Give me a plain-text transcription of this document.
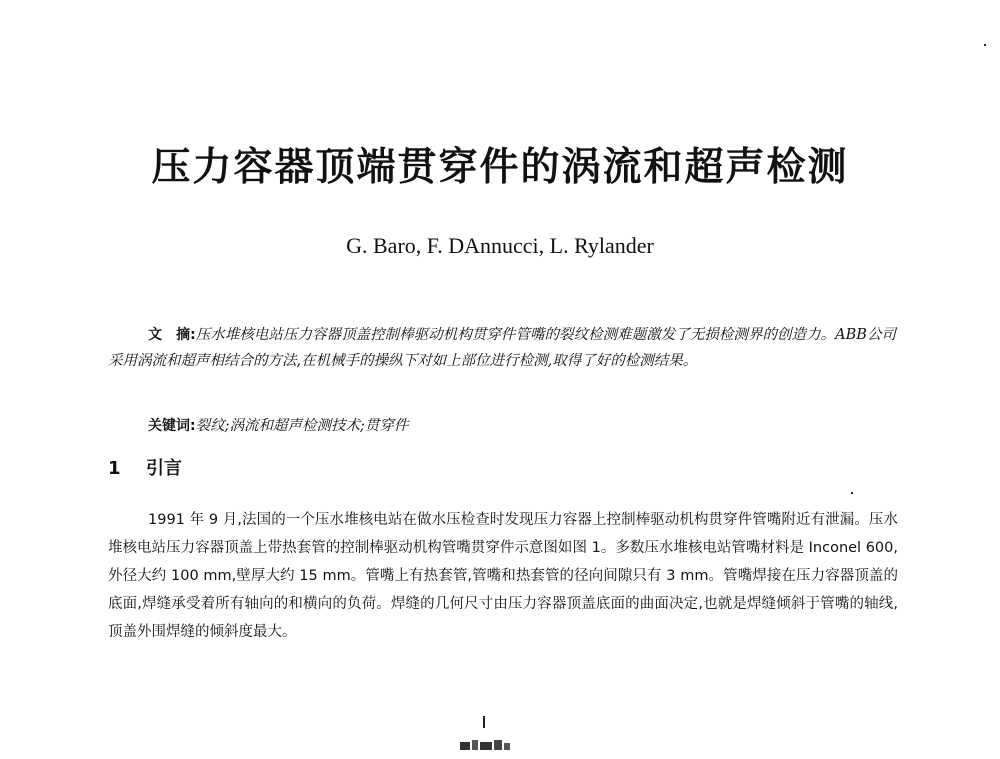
压力容器顶端贯穿件的涡流和超声检测
G. Baro, F. DAnnucci, L. Rylander
文　摘:压水堆核电站压力容器顶盖控制棒驱动机构贯穿件管嘴的裂纹检测难题激发了无损检测界的创造力。ABB公司采用涡流和超声相结合的方法,在机械手的操纵下对如上部位进行检测,取得了好的检测结果。
关键词:裂纹;涡流和超声检测技术;贯穿件
1 引言
1991 年 9 月,法国的一个压水堆核电站在做水压检查时发现压力容器上控制棒驱动机构贯穿件管嘴附近有泄漏。压水堆核电站压力容器顶盖上带热套管的控制棒驱动机构管嘴贯穿件示意图如图 1。多数压水堆核电站管嘴材料是 Inconel 600,外径大约 100 mm,壁厚大约 15 mm。管嘴上有热套管,管嘴和热套管的径向间隙只有 3 mm。管嘴焊接在压力容器顶盖的底面,焊缝承受着所有轴向的和横向的负荷。焊缝的几何尺寸由压力容器顶盖底面的曲面决定,也就是焊缝倾斜于管嘴的轴线,顶盖外围焊缝的倾斜度最大。
